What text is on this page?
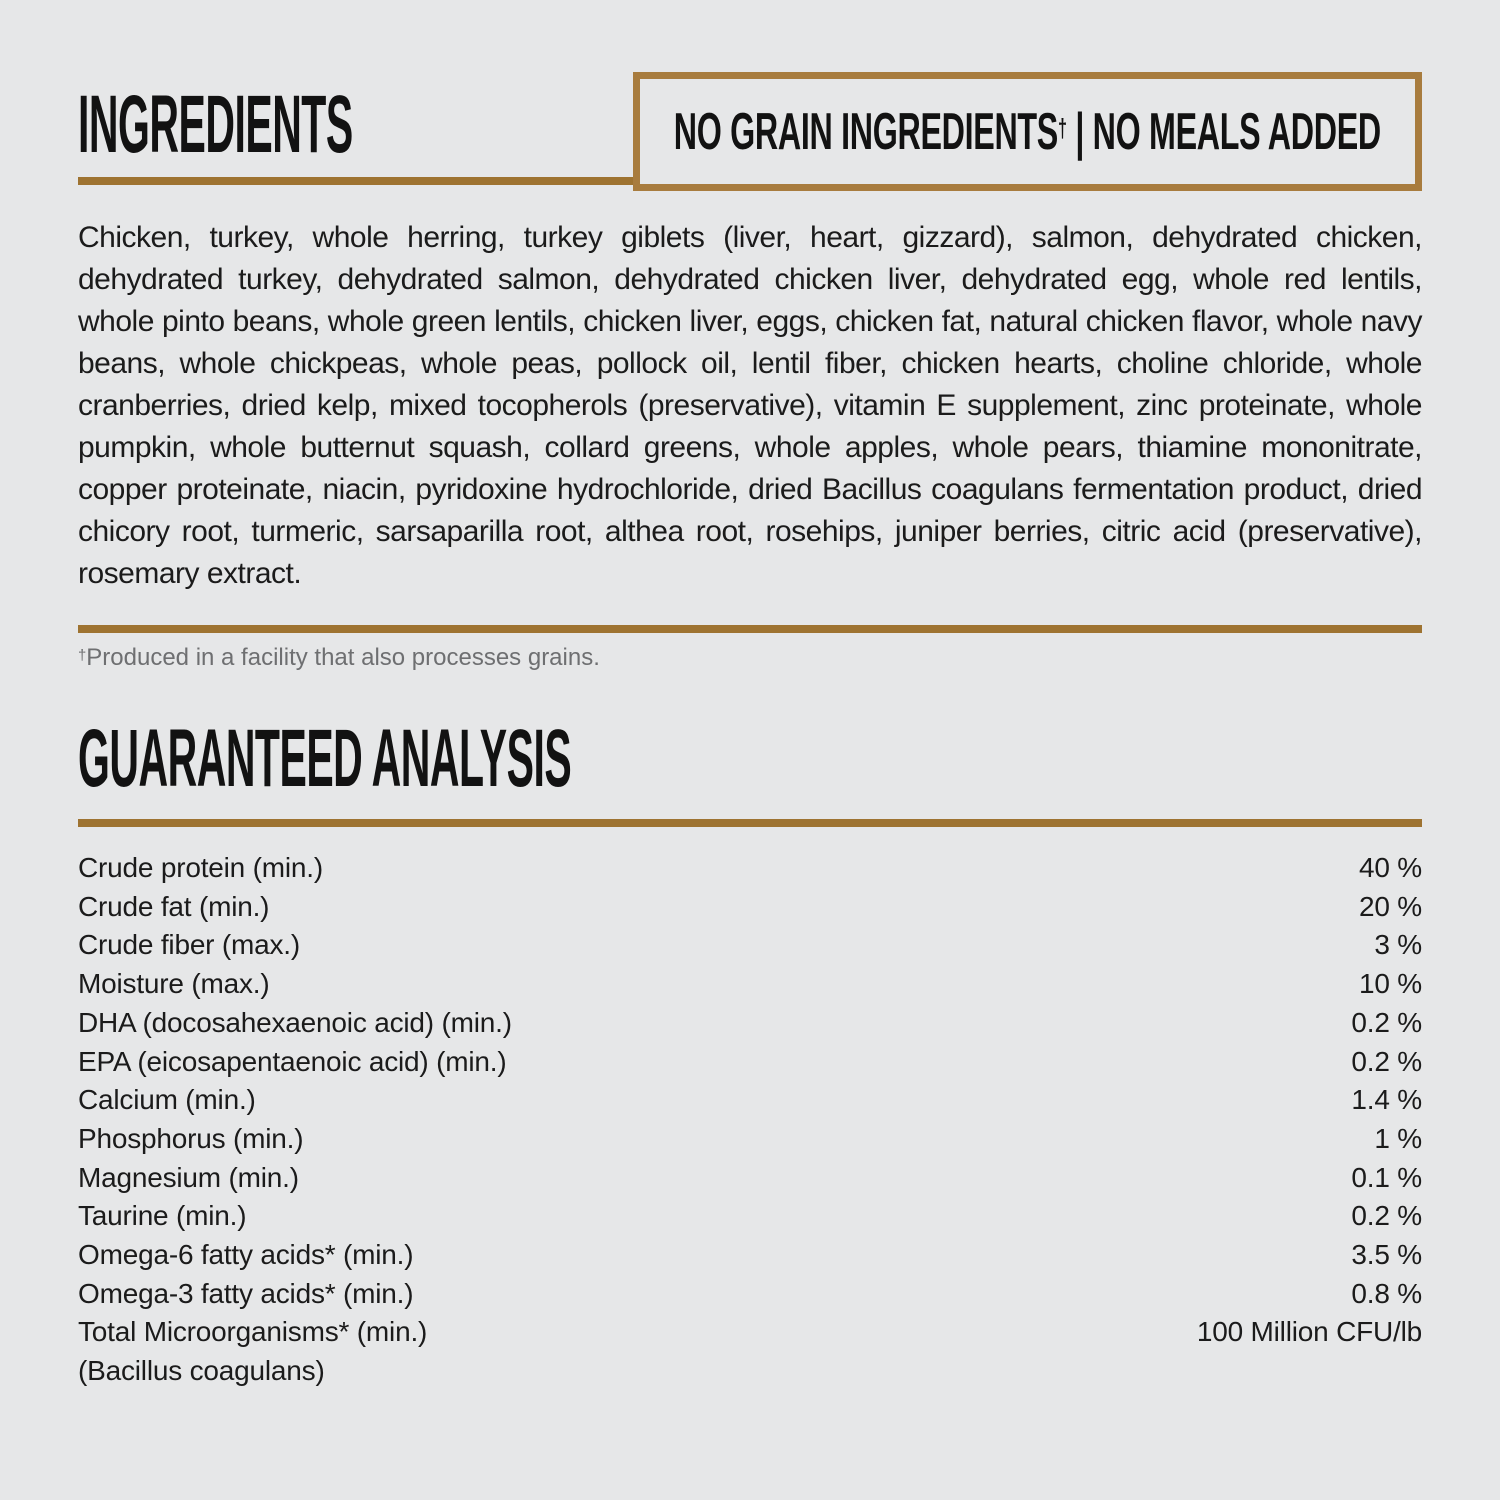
INGREDIENTS	NO GRAIN INGREDIENTS† | NO MEALS ADDED

Chicken, turkey, whole herring, turkey giblets (liver, heart, gizzard), salmon, dehydrated chicken, dehydrated turkey, dehydrated salmon, dehydrated chicken liver, dehydrated egg, whole red lentils, whole pinto beans, whole green lentils, chicken liver, eggs, chicken fat, natural chicken flavor, whole navy beans, whole chickpeas, whole peas, pollock oil, lentil fiber, chicken hearts, choline chloride, whole cranberries, dried kelp, mixed tocopherols (preservative), vitamin E supplement, zinc proteinate, whole pumpkin, whole butternut squash, collard greens, whole apples, whole pears, thiamine mononitrate, copper proteinate, niacin, pyridoxine hydrochloride, dried Bacillus coagulans fermentation product, dried chicory root, turmeric, sarsaparilla root, althea root, rosehips, juniper berries, citric acid (preservative), rosemary extract.

†Produced in a facility that also processes grains.

GUARANTEED ANALYSIS
Crude protein (min.)	40 %
Crude fat (min.)	20 %
Crude fiber (max.)	3 %
Moisture (max.)	10 %
DHA (docosahexaenoic acid) (min.)	0.2 %
EPA (eicosapentaenoic acid) (min.)	0.2 %
Calcium (min.)	1.4 %
Phosphorus (min.)	1 %
Magnesium (min.)	0.1 %
Taurine (min.)	0.2 %
Omega-6 fatty acids* (min.)	3.5 %
Omega-3 fatty acids* (min.)	0.8 %
Total Microorganisms* (min.)	100 Million CFU/lb
(Bacillus coagulans)
